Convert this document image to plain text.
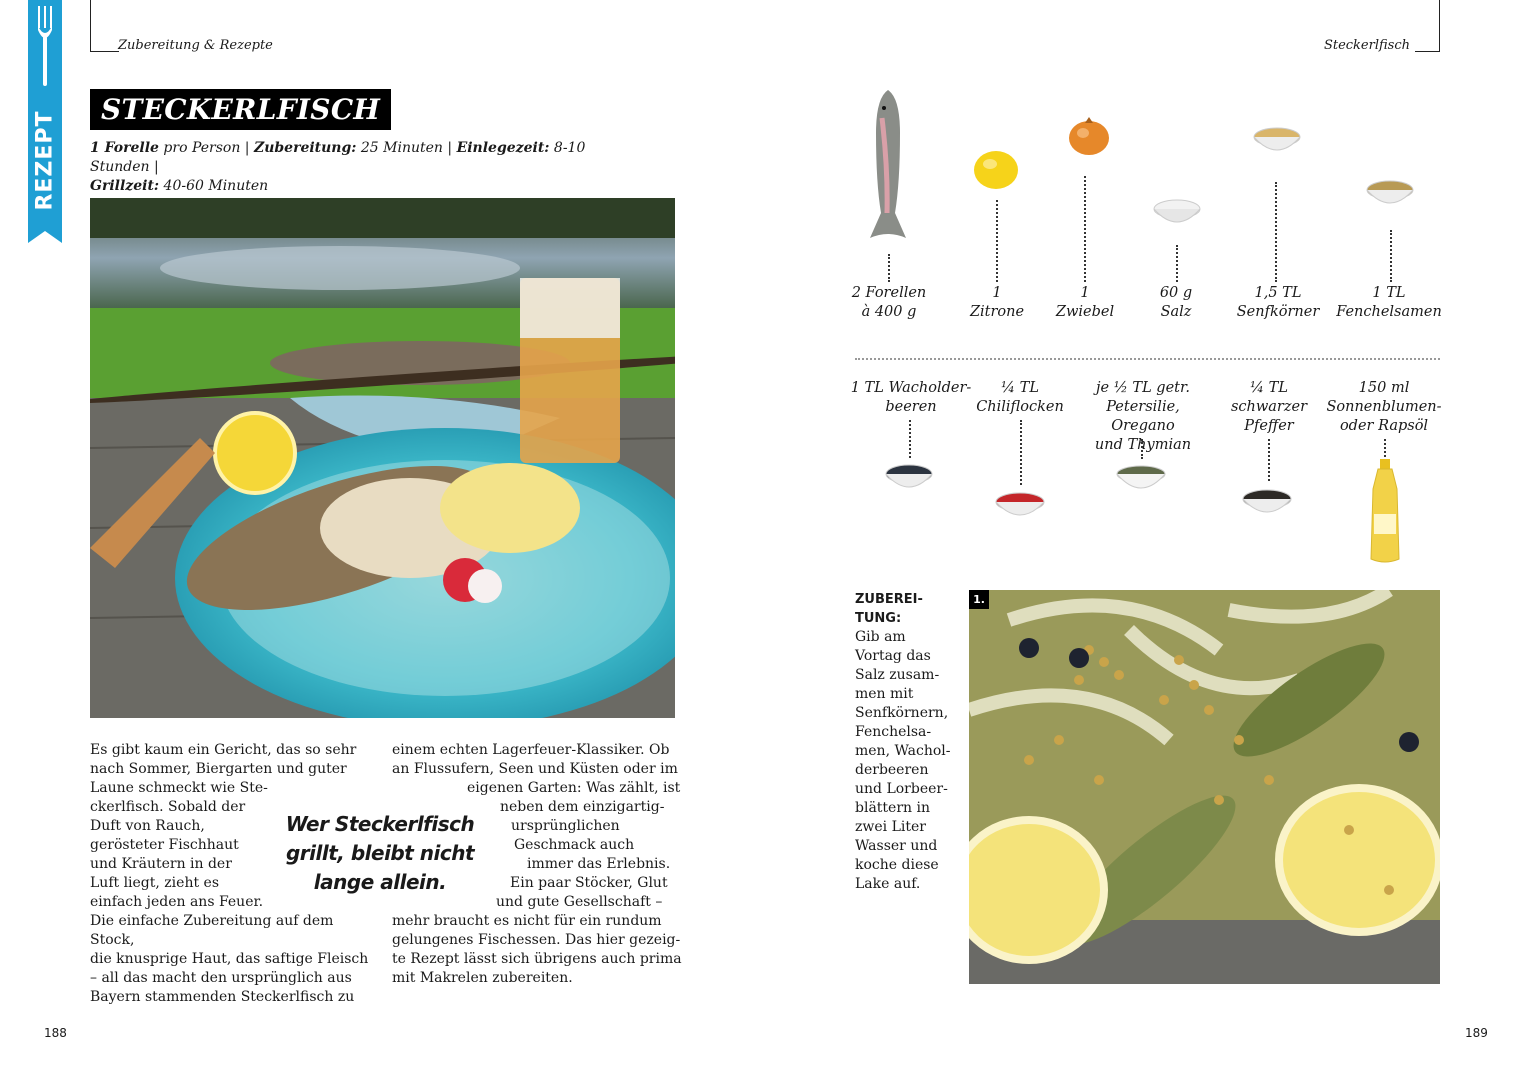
REZEPT
Zubereitung & Rezepte	Steckerlfisch
STECKERLFISCH
1 Forelle pro Person | Zubereitung: 25 Minuten | Einlegezeit: 8-10 Stunden |
Grillzeit: 40-60 Minuten
Es gibt kaum ein Gericht, das so sehr
nach Sommer, Biergarten und guter
Laune schmeckt wie Ste-
ckerlfisch. Sobald der
Duft von Rauch,
gerösteter Fischhaut
und Kräutern in der
Luft liegt, zieht es
einfach jeden ans Feuer.
Die einfache Zubereitung auf dem Stock,
die knusprige Haut, das saftige Fleisch
– all das macht den ursprünglich aus
Bayern stammenden Steckerlfisch zu
einem echten Lagerfeuer-Klassiker. Ob
an Flussufern, Seen und Küsten oder im
eigenen Garten: Was zählt, ist
neben dem einzigartig-
ursprünglichen
Geschmack auch
immer das Erlebnis.
Ein paar Stöcker, Glut
und gute Gesellschaft –
mehr braucht es nicht für ein rundum
gelungenes Fischessen. Das hier gezeig-
te Rezept lässt sich übrigens auch prima
mit Makrelen zubereiten.
Wer Steckerlfisch
grillt, bleibt nicht
lange allein.
188	189
2 Forellen
à 400 g
1
Zitrone
1
Zwiebel
60 g
Salz
1,5 TL
Senfkörner
1 TL
Fenchelsamen
1 TL Wacholder-
beeren
¼ TL
Chiliflocken
je ½ TL getr.
Petersilie, Oregano
und Thymian
¼ TL
schwarzer
Pfeffer
150 ml
Sonnenblumen-
oder Rapsöl
ZUBEREI-
TUNG:
Gib am
Vortag das
Salz zusam-
men mit
Senfkörnern,
Fenchelsa-
men, Wachol-
derbeeren
und Lorbeer-
blättern in
zwei Liter
Wasser und
koche diese
Lake auf.
1.
